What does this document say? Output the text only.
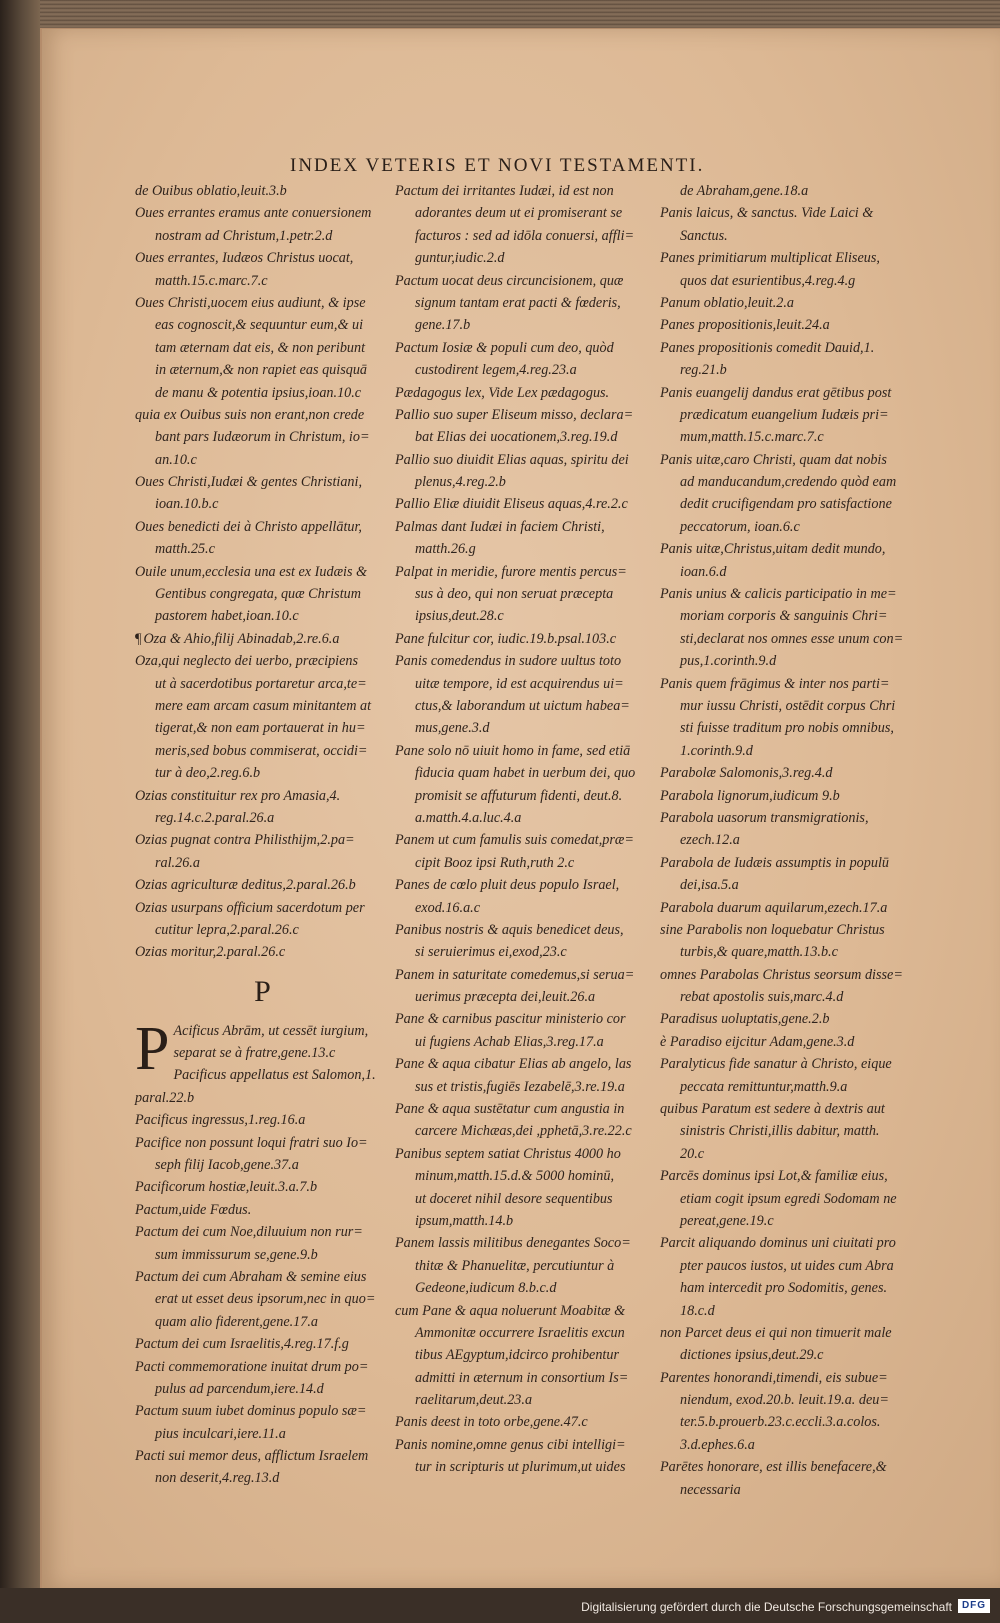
INDEX VETERIS ET NOVI TESTAMENTI.
de Ouibus oblatio,leuit.3.b
Oues errantes eramus ante conuersionem
nostram ad Christum,1.petr.2.d
Oues errantes, Iudæos Christus uocat,
matth.15.c.marc.7.c
Oues Christi,uocem eius audiunt, & ipse
eas cognoscit,& sequuntur eum,& ui
tam æternam dat eis, & non peribunt
in æternum,& non rapiet eas quisquā
de manu & potentia ipsius,ioan.10.c
quia ex Ouibus suis non erant,non crede
bant pars Iudæorum in Christum, io=
an.10.c
Oues Christi,Iudæi & gentes Christiani,
ioan.10.b.c
Oues benedicti dei à Christo appellātur,
matth.25.c
Ouile unum,ecclesia una est ex Iudæis &
Gentibus congregata, quæ Christum
pastorem habet,ioan.10.c
¶ Oza & Ahio,filij Abinadab,2.re.6.a
Oza,qui neglecto dei uerbo, præcipiens
ut à sacerdotibus portaretur arca,te=
mere eam arcam casum minitantem at
tigerat,& non eam portauerat in hu=
meris,sed bobus commiserat, occidi=
tur à deo,2.reg.6.b
Ozias constituitur rex pro Amasia,4.
reg.14.c.2.paral.26.a
Ozias pugnat contra Philisthijm,2.pa=
ral.26.a
Ozias agriculturæ deditus,2.paral.26.b
Ozias usurpans officium sacerdotum per
cutitur lepra,2.paral.26.c
Ozias moritur,2.paral.26.c
P
P Acificus Abrām, ut cessēt iurgium,
separat se à fratre,gene.13.c
Pacificus appellatus est Salomon,1.
paral.22.b
Pacificus ingressus,1.reg.16.a
Pacifice non possunt loqui fratri suo Io=
seph filij Iacob,gene.37.a
Pacificorum hostiæ,leuit.3.a.7.b
Pactum,uide Fœdus.
Pactum dei cum Noe,diluuium non rur=
sum immissurum se,gene.9.b
Pactum dei cum Abraham & semine eius
erat ut esset deus ipsorum,nec in quo=
quam alio fiderent,gene.17.a
Pactum dei cum Israelitis,4.reg.17.f.g
Pacti commemoratione inuitat drum po=
pulus ad parcendum,iere.14.d
Pactum suum iubet dominus populo sæ=
pius inculcari,iere.11.a
Pacti sui memor deus, afflictum Israelem
non deserit,4.reg.13.d
Pactum dei irritantes Iudæi, id est non
adorantes deum ut ei promiserant se
facturos : sed ad idōla conuersi, affli=
guntur,iudic.2.d
Pactum uocat deus circuncisionem, quæ
signum tantam erat pacti & fœderis,
gene.17.b
Pactum Iosiæ & populi cum deo, quòd
custodirent legem,4.reg.23.a
Pædagogus lex, Vide Lex pædagogus.
Pallio suo super Eliseum misso, declara=
bat Elias dei uocationem,3.reg.19.d
Pallio suo diuidit Elias aquas, spiritu dei
plenus,4.reg.2.b
Pallio Eliæ diuidit Eliseus aquas,4.re.2.c
Palmas dant Iudæi in faciem Christi,
matth.26.g
Palpat in meridie, furore mentis percus=
sus à deo, qui non seruat præcepta
ipsius,deut.28.c
Pane fulcitur cor, iudic.19.b.psal.103.c
Panis comedendus in sudore uultus toto
uitæ tempore, id est acquirendus ui=
ctus,& laborandum ut uictum habea=
mus,gene.3.d
Pane solo nō uiuit homo in fame, sed etiā
fiducia quam habet in uerbum dei, quo
promisit se affuturum fidenti, deut.8.
a.matth.4.a.luc.4.a
Panem ut cum famulis suis comedat,præ=
cipit Booz ipsi Ruth,ruth 2.c
Panes de cœlo pluit deus populo Israel,
exod.16.a.c
Panibus nostris & aquis benedicet deus,
si seruierimus ei,exod,23.c
Panem in saturitate comedemus,si serua=
uerimus præcepta dei,leuit.26.a
Pane & carnibus pascitur ministerio cor
ui fugiens Achab Elias,3.reg.17.a
Pane & aqua cibatur Elias ab angelo, las
sus et tristis,fugiēs Iezabelē,3.re.19.a
Pane & aqua sustētatur cum angustia in
carcere Michæas,dei ,pphetā,3.re.22.c
Panibus septem satiat Christus 4000 ho
minum,matth.15.d.& 5000 hominū,
ut doceret nihil desore sequentibus
ipsum,matth.14.b
Panem lassis militibus denegantes Soco=
thitæ & Phanuelitæ, percutiuntur à
Gedeone,iudicum 8.b.c.d
cum Pane & aqua noluerunt Moabitæ &
Ammonitæ occurrere Israelitis excun
tibus AEgyptum,idcirco prohibentur
admitti in æternum in consortium Is=
raelitarum,deut.23.a
Panis deest in toto orbe,gene.47.c
Panis nomine,omne genus cibi intelligi=
tur in scripturis ut plurimum,ut uides
de Abraham,gene.18.a
Panis laicus, & sanctus. Vide Laici &
Sanctus.
Panes primitiarum multiplicat Eliseus,
quos dat esurientibus,4.reg.4.g
Panum oblatio,leuit.2.a
Panes propositionis,leuit.24.a
Panes propositionis comedit Dauid,1.
reg.21.b
Panis euangelij dandus erat gētibus post
prædicatum euangelium Iudæis pri=
mum,matth.15.c.marc.7.c
Panis uitæ,caro Christi, quam dat nobis
ad manducandum,credendo quòd eam
dedit crucifigendam pro satisfactione
peccatorum, ioan.6.c
Panis uitæ,Christus,uitam dedit mundo,
ioan.6.d
Panis unius & calicis participatio in me=
moriam corporis & sanguinis Chri=
sti,declarat nos omnes esse unum con=
pus,1.corinth.9.d
Panis quem frāgimus & inter nos parti=
mur iussu Christi, ostēdit corpus Chri
sti fuisse traditum pro nobis omnibus,
1.corinth.9.d
Parabolæ Salomonis,3.reg.4.d
Parabola lignorum,iudicum 9.b
Parabola uasorum transmigrationis,
ezech.12.a
Parabola de Iudæis assumptis in populū
dei,isa.5.a
Parabola duarum aquilarum,ezech.17.a
sine Parabolis non loquebatur Christus
turbis,& quare,matth.13.b.c
omnes Parabolas Christus seorsum disse=
rebat apostolis suis,marc.4.d
Paradisus uoluptatis,gene.2.b
è Paradiso eijcitur Adam,gene.3.d
Paralyticus fide sanatur à Christo, eique
peccata remittuntur,matth.9.a
quibus Paratum est sedere à dextris aut
sinistris Christi,illis dabitur, matth.
20.c
Parcēs dominus ipsi Lot,& familiæ eius,
etiam cogit ipsum egredi Sodomam ne
pereat,gene.19.c
Parcit aliquando dominus uni ciuitati pro
pter paucos iustos, ut uides cum Abra
ham intercedit pro Sodomitis, genes.
18.c.d
non Parcet deus ei qui non timuerit male
dictiones ipsius,deut.29.c
Parentes honorandi,timendi, eis subue=
niendum, exod.20.b. leuit.19.a. deu=
ter.5.b.prouerb.23.c.eccli.3.a.colos.
3.d.ephes.6.a
Parētes honorare, est illis benefacere,&
necessaria
Digitalisierung gefördert durch die Deutsche Forschungsgemeinschaft DFG
